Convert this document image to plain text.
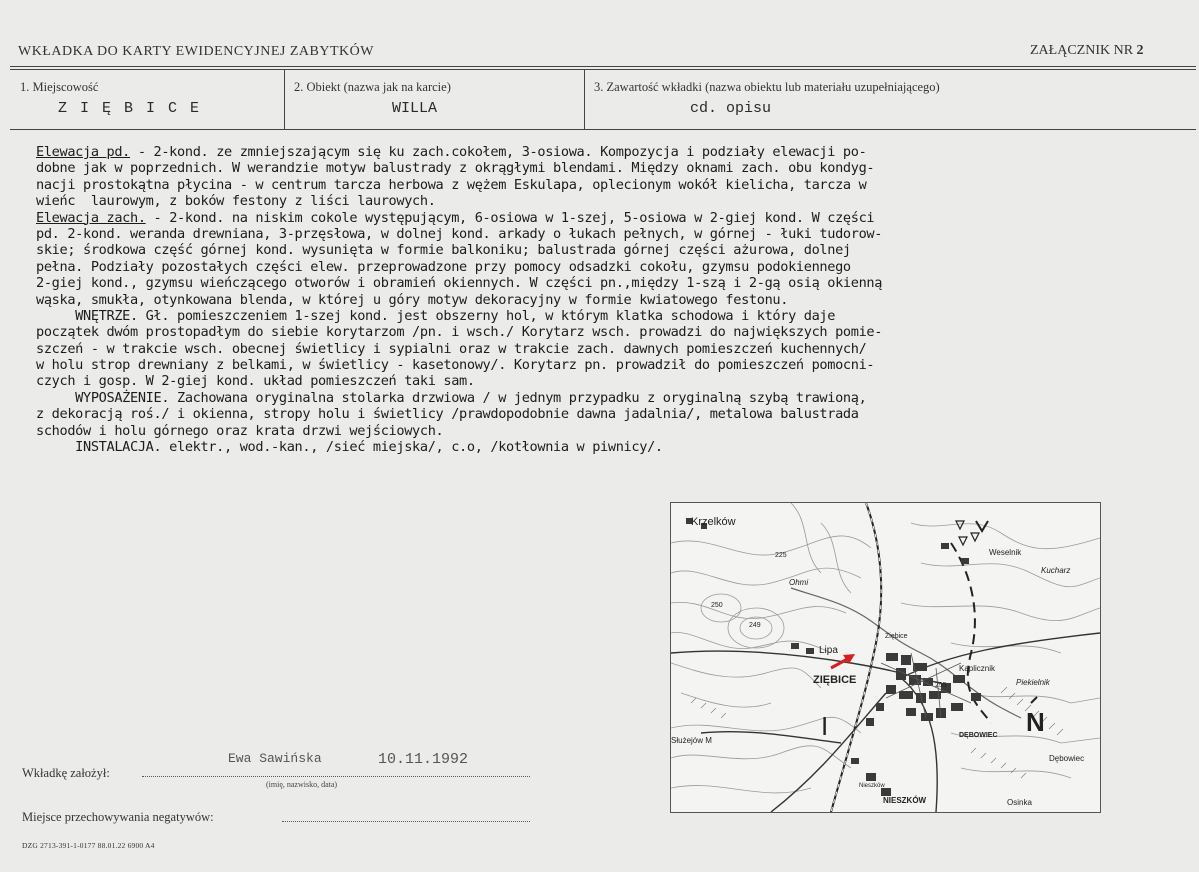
WKŁADKA DO KARTY EWIDENCYJNEJ ZABYTKÓW	ZAŁĄCZNIK NR 2
1. Miejscowość
Z I Ę B I C E
2. Obiekt (nazwa jak na karcie)
WILLA
3. Zawartość wkładki (nazwa obiektu lub materiału uzupełniającego)
cd. opisu
Elewacja pd. - 2-kond. ze zmniejszającym się ku zach.cokołem, 3-osiowa. Kompozycja i podziały elewacji po-
dobne jak w poprzednich. W werandzie motyw balustrady z okrągłymi blendami. Między oknami zach. obu kondyg-
nacji prostokątna płycina - w centrum tarcza herbowa z wężem Eskulapa, oplecionym wokół kielicha, tarcza w
wieńc  laurowym, z boków festony z liści laurowych.
Elewacja zach. - 2-kond. na niskim cokole występującym, 6-osiowa w 1-szej, 5-osiowa w 2-giej kond. W części
pd. 2-kond. weranda drewniana, 3-przęsłowa, w dolnej kond. arkady o łukach pełnych, w górnej - łuki tudorow-
skie; środkowa część górnej kond. wysunięta w formie balkoniku; balustrada górnej części ażurowa, dolnej
pełna. Podziały pozostałych części elew. przeprowadzone przy pomocy odsadzki cokołu, gzymsu podokiennego
2-giej kond., gzymsu wieńczącego otworów i obramień okiennych. W części pn.,między 1-szą i 2-gą osią okienną
wąska, smukła, otynkowana blenda, w której u góry motyw dekoracyjny w formie kwiatowego festonu.
WNĘTRZE. Gł. pomieszczeniem 1-szej kond. jest obszerny hol, w którym klatka schodowa i który daje
początek dwóm prostopadłym do siebie korytarzom /pn. i wsch./ Korytarz wsch. prowadzi do największych pomie-
szczeń - w trakcie wsch. obecnej świetlicy i sypialni oraz w trakcie zach. dawnych pomieszczeń kuchennych/
w holu strop drewniany z belkami, w świetlicy - kasetonowy/. Korytarz pn. prowadził do pomieszczeń pomocni-
czych i gosp. W 2-giej kond. układ pomieszczeń taki sam.
WYPOSAŻENIE. Zachowana oryginalna stolarka drzwiowa / w jednym przypadku z oryginalną szybą trawioną,
z dekoracją roś./ i okienna, stropy holu i świetlicy /prawdopodobnie dawna jadalnia/, metalowa balustrada
schodów i holu górnego oraz krata drzwi wejściowych.
INSTALACJA. elektr., wod.-kan., /sieć miejska/, c.o, /kotłownia w piwnicy/.
Krzelków
Ohmi
Lipa
Ziębice
ZIĘBICE
Weselnik
Kucharz
Kaplicznik
Piekielnik
DĘBOWIEC
Dębowiec
NIESZKÓW
Nieszków
Osinka
Służejów M
225
250
249
255
I	N
Wkładkę założył:
Ewa Sawińska	10.11.1992
(imię, nazwisko, data)
Miejsce przechowywania negatywów:
DZG 2713-391-1-0177 88.01.22 6900 A4
